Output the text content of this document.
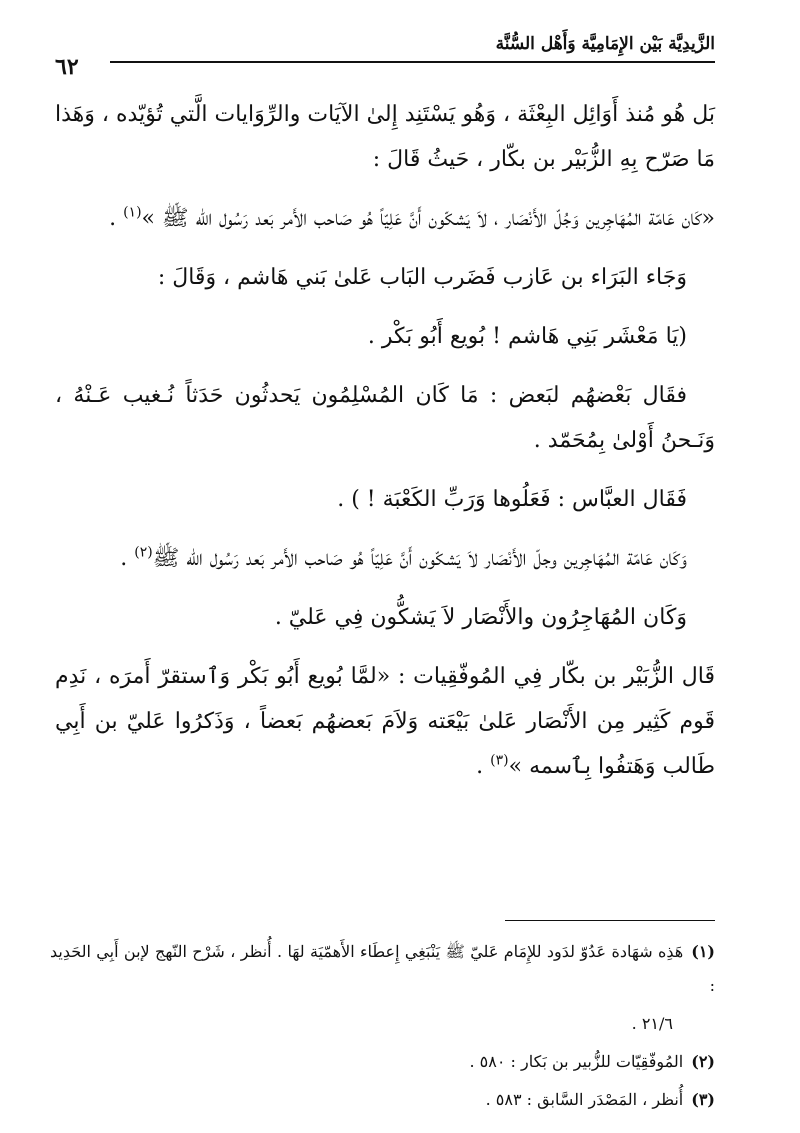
الزَّيدِيَّة بَيْن الإِمَامِيَّة وَأَهْل السُّنَّة
٦٢

بَل هُو مُنذ أَوَائِل البِعْثَة ، وَهُو يَسْتَنِد إِلىٰ الآيَات والرِّوَايات الَّتي تُؤيّده ، وَهَذا مَا صَرّح بِهِ الزُّبَيْر بن بكّار ، حَيثُ قَالَ :

«كَان عَامّة المُهَاجِرين وَجُلّ الأَنْصَار ، لاَ يَشكّون أَنَّ عَلِيّاً هُو صَاحب الأَمر بَعد رَسُول الله ﷺ »$^{(١)}$ .

وَجَاء البَرَاء بن عَازب فَضَرب البَاب عَلىٰ بَني هَاشم ، وَقَالَ :

(يَا مَعْشَر بَنِي هَاشم ! بُويع أَبُو بَكْر .

فقَال بَعْضهُم لبَعض : مَا كَان المُسْلِمُون يَحدثُون حَدَثاً نُـغيب عَـنْهُ ، وَنَـحنُ أَوْلىٰ بِمُحَمّد .

فَقَال العبَّاس : فَعَلُوها وَرَبِّ الكَعْبَة ! ) .

وَكَان عَامّة المُهَاجِرين وجلّ الأَنْصَار لاَ يَشكّون أَنَّ عَلِيّاً هُو صَاحب الأَمر بَعد رَسُول الله ﷺ$^{(٢)}$ .

وَكَان المُهَاجِرُون والأَنْصَار لاَ يَشكُّون فِي عَليّ .

قَال الزُّبَيْر بن بكّار فِي المُوفّقِيات : «لمَّا بُويع أَبُو بَكْر وَٱستقرّ أَمرَه ، نَدِم قَوم كَثِير مِن الأَنْصَار عَلىٰ بَيْعَته وَلاَمَ بَعضهُم بَعضاً ، وَذَكرُوا عَليّ بن أَبِي طَالب وَهَتفُوا بِٱسمه »$^{(٣)}$ .

(١)هَذِه شهَادة عَدُوّ لدَود للإِمَام عَليّ ﷺ يَنْبَغِي إِعطَاء الأَهمّيَة لهَا . أُنظر ، شَرْح النّهج لإبن أَبِي الحَدِيد :

٢١/٦ .

(٢)المُوفّقِيّات للزُّبير بن بَكار : ٥٨٠ .

(٣)أُنظر ، المَصْدَر السَّابق : ٥٨٣ .
